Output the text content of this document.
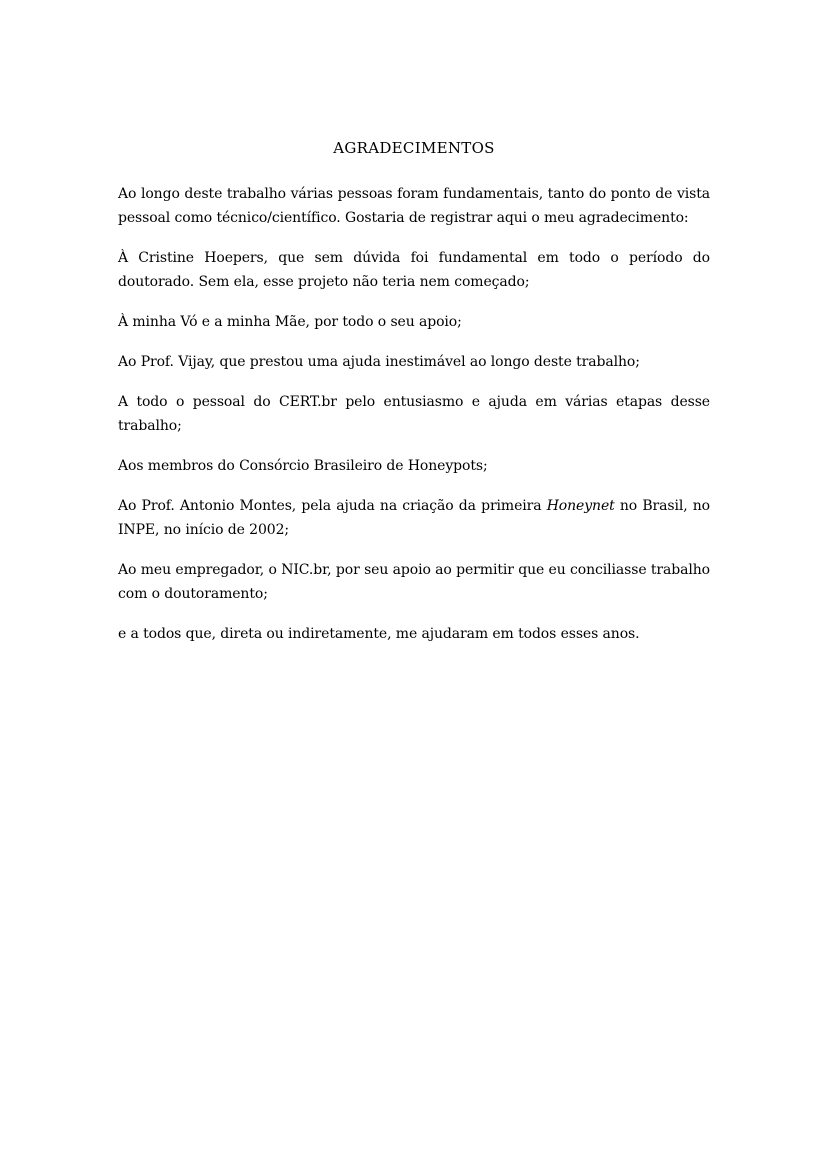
AGRADECIMENTOS

Ao longo deste trabalho várias pessoas foram fundamentais, tanto do ponto de vista pessoal como técnico/científico. Gostaria de registrar aqui o meu agradecimento:

À Cristine Hoepers, que sem dúvida foi fundamental em todo o período do doutorado. Sem ela, esse projeto não teria nem começado;

À minha Vó e a minha Mãe, por todo o seu apoio;

Ao Prof. Vijay, que prestou uma ajuda inestimável ao longo deste trabalho;

A todo o pessoal do CERT.br pelo entusiasmo e ajuda em várias etapas desse trabalho;

Aos membros do Consórcio Brasileiro de Honeypots;

Ao Prof. Antonio Montes, pela ajuda na criação da primeira Honeynet no Brasil, no INPE, no início de 2002;

Ao meu empregador, o NIC.br, por seu apoio ao permitir que eu conciliasse trabalho com o doutoramento;

e a todos que, direta ou indiretamente, me ajudaram em todos esses anos.
